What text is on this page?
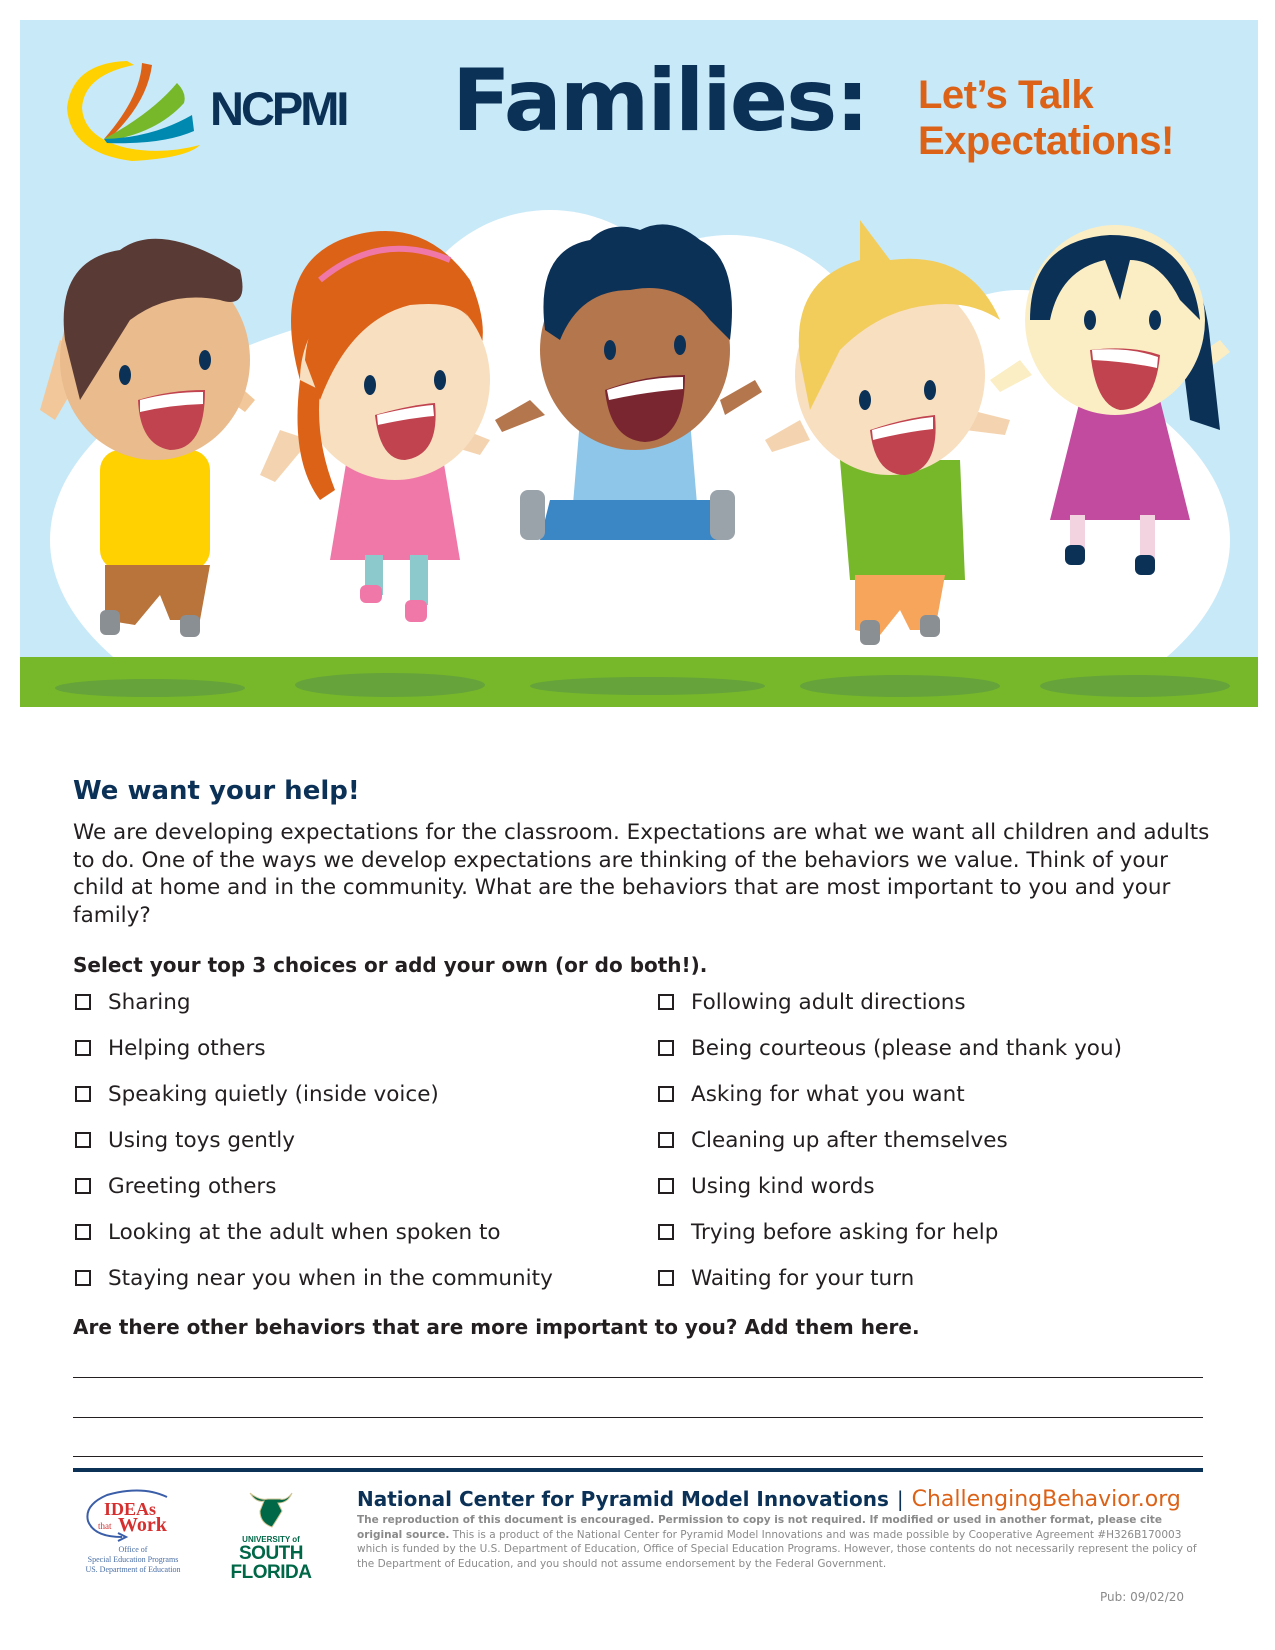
NCPMI Families: Let’s Talk
Expectations!
We want your help!
We are developing expectations for the classroom. Expectations are what we want all children and adults to do. One of the ways we develop expectations are thinking of the behaviors we value. Think of your child at home and in the community. What are the behaviors that are most important to you and your family?
Select your top 3 choices or add your own (or do both!).
Sharing
Helping others
Speaking quietly (inside voice)
Using toys gently
Greeting others
Looking at the adult when spoken to
Staying near you when in the community
Following adult directions
Being courteous (please and thank you)
Asking for what you want
Cleaning up after themselves
Using kind words
Trying before asking for help
Waiting for your turn
Are there other behaviors that are more important to you? Add them here.
IDEAs
that Work
Office of
Special Education Programs
US. Department of Education
UNIVERSITY of
SOUTH
FLORIDA
National Center for Pyramid Model Innovations | ChallengingBehavior.org
The reproduction of this document is encouraged. Permission to copy is not required. If modified or used in another format, please cite original source. This is a product of the National Center for Pyramid Model Innovations and was made possible by Cooperative Agreement #H326B170003 which is funded by the U.S. Department of Education, Office of Special Education Programs. However, those contents do not necessarily represent the policy of the Department of Education, and you should not assume endorsement by the Federal Government.
Pub: 09/02/20
